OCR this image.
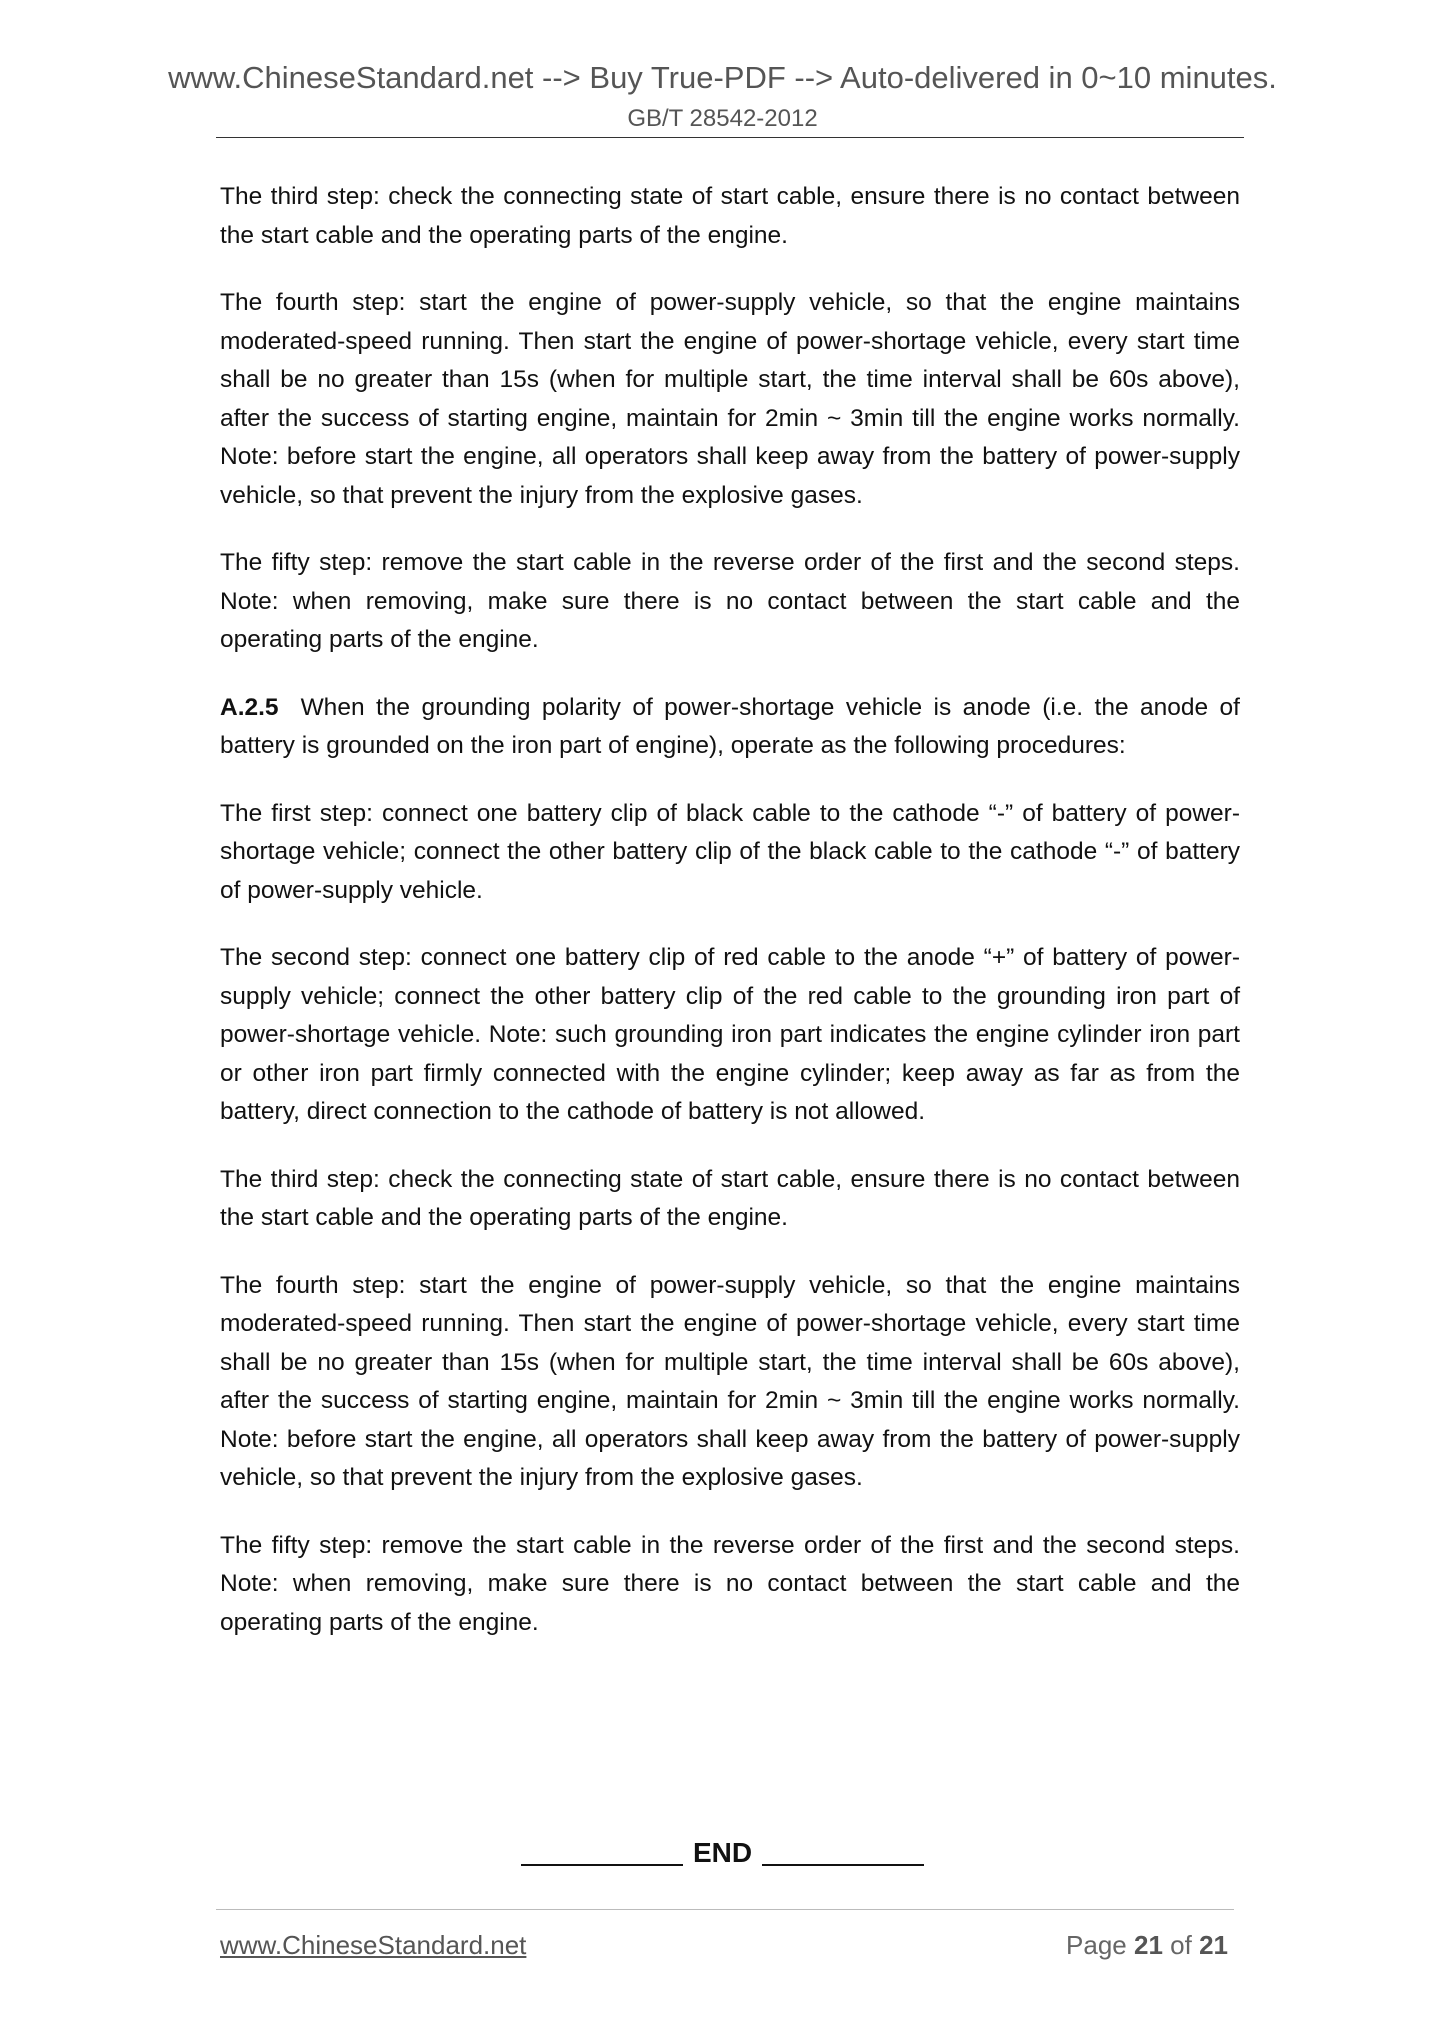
www.ChineseStandard.net --> Buy True-PDF --> Auto-delivered in 0~10 minutes.
GB/T 28542-2012

The third step: check the connecting state of start cable, ensure there is no contact between the start cable and the operating parts of the engine.

The fourth step: start the engine of power-supply vehicle, so that the engine maintains moderated-speed running. Then start the engine of power-shortage vehicle, every start time shall be no greater than 15s (when for multiple start, the time interval shall be 60s above), after the success of starting engine, maintain for 2min ~ 3min till the engine works normally. Note: before start the engine, all operators shall keep away from the battery of power-supply vehicle, so that prevent the injury from the explosive gases.

The fifty step: remove the start cable in the reverse order of the first and the second steps. Note: when removing, make sure there is no contact between the start cable and the operating parts of the engine.

A.2.5 When the grounding polarity of power-shortage vehicle is anode (i.e. the anode of battery is grounded on the iron part of engine), operate as the following procedures:

The first step: connect one battery clip of black cable to the cathode “-” of battery of power-shortage vehicle; connect the other battery clip of the black cable to the cathode “-” of battery of power-supply vehicle.

The second step: connect one battery clip of red cable to the anode “+” of battery of power-supply vehicle; connect the other battery clip of the red cable to the grounding iron part of power-shortage vehicle. Note: such grounding iron part indicates the engine cylinder iron part or other iron part firmly connected with the engine cylinder; keep away as far as from the battery, direct connection to the cathode of battery is not allowed.

The third step: check the connecting state of start cable, ensure there is no contact between the start cable and the operating parts of the engine.

The fourth step: start the engine of power-supply vehicle, so that the engine maintains moderated-speed running. Then start the engine of power-shortage vehicle, every start time shall be no greater than 15s (when for multiple start, the time interval shall be 60s above), after the success of starting engine, maintain for 2min ~ 3min till the engine works normally. Note: before start the engine, all operators shall keep away from the battery of power-supply vehicle, so that prevent the injury from the explosive gases.

The fifty step: remove the start cable in the reverse order of the first and the second steps. Note: when removing, make sure there is no contact between the start cable and the operating parts of the engine.

END
www.ChineseStandard.net	Page 21 of 21
